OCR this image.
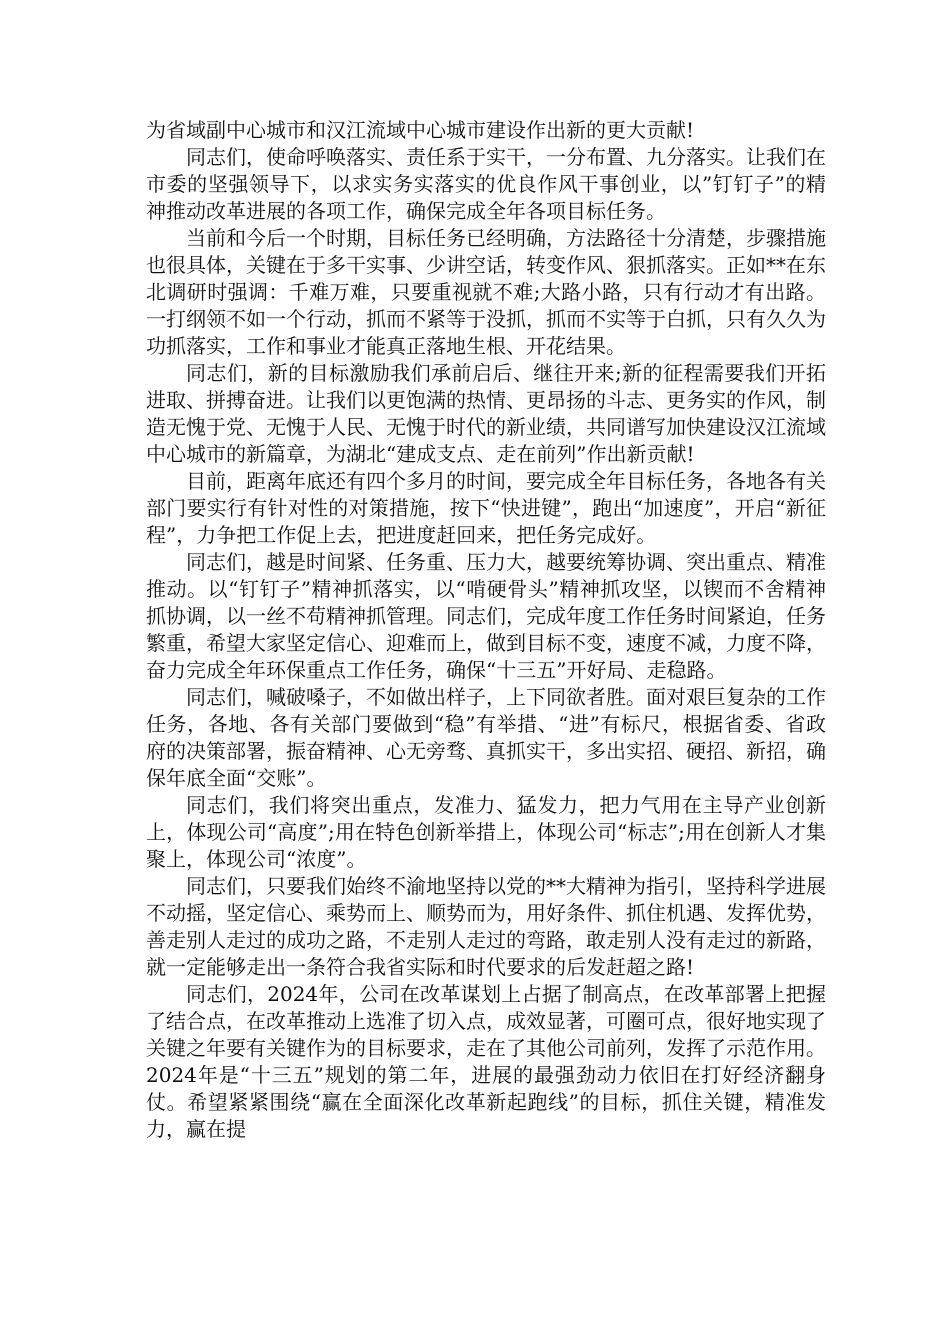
为省域副中心城市和汉江流域中心城市建设作出新的更大贡献!

同志们，使命呼唤落实、责任系于实干，一分布置、九分落实。让我们在市委的坚强领导下，以求实务实落实的优良作风干事创业，以”钉钉子”的精神推动改革进展的各项工作，确保完成全年各项目标任务。

当前和今后一个时期，目标任务已经明确，方法路径十分清楚，步骤措施也很具体，关键在于多干实事、少讲空话，转变作风、狠抓落实。正如**在东北调研时强调：千难万难，只要重视就不难;大路小路，只有行动才有出路。一打纲领不如一个行动，抓而不紧等于没抓，抓而不实等于白抓，只有久久为功抓落实，工作和事业才能真正落地生根、开花结果。

同志们，新的目标激励我们承前启后、继往开来;新的征程需要我们开拓进取、拼搏奋进。让我们以更饱满的热情、更昂扬的斗志、更务实的作风，制造无愧于党、无愧于人民、无愧于时代的新业绩，共同谱写加快建设汉江流域中心城市的新篇章，为湖北“建成支点、走在前列”作出新贡献!

目前，距离年底还有四个多月的时间，要完成全年目标任务，各地各有关部门要实行有针对性的对策措施，按下“快进键”，跑出“加速度”，开启“新征程”，力争把工作促上去，把进度赶回来，把任务完成好。

同志们，越是时间紧、任务重、压力大，越要统筹协调、突出重点、精准推动。以“钉钉子”精神抓落实，以“啃硬骨头”精神抓攻坚，以锲而不舍精神抓协调，以一丝不苟精神抓管理。同志们，完成年度工作任务时间紧迫，任务繁重，希望大家坚定信心、迎难而上，做到目标不变，速度不减，力度不降，奋力完成全年环保重点工作任务，确保“十三五”开好局、走稳路。

同志们，喊破嗓子，不如做出样子，上下同欲者胜。面对艰巨复杂的工作任务，各地、各有关部门要做到“稳”有举措、“进”有标尺，根据省委、省政府的决策部署，振奋精神、心无旁骛、真抓实干，多出实招、硬招、新招，确保年底全面“交账”。

同志们，我们将突出重点，发准力、猛发力，把力气用在主导产业创新上，体现公司“高度”;用在特色创新举措上，体现公司“标志”;用在创新人才集聚上，体现公司“浓度”。

同志们，只要我们始终不渝地坚持以党的**大精神为指引，坚持科学进展不动摇，坚定信心、乘势而上、顺势而为，用好条件、抓住机遇、发挥优势，善走别人走过的成功之路，不走别人走过的弯路，敢走别人没有走过的新路，就一定能够走出一条符合我省实际和时代要求的后发赶超之路!

同志们，2024年，公司在改革谋划上占据了制高点，在改革部署上把握了结合点，在改革推动上选准了切入点，成效显著，可圈可点，很好地实现了关键之年要有关键作为的目标要求，走在了其他公司前列，发挥了示范作用。2024年是“十三五”规划的第二年，进展的最强劲动力依旧在打好经济翻身仗。希望紧紧围绕“赢在全面深化改革新起跑线”的目标，抓住关键，精准发力，赢在提
